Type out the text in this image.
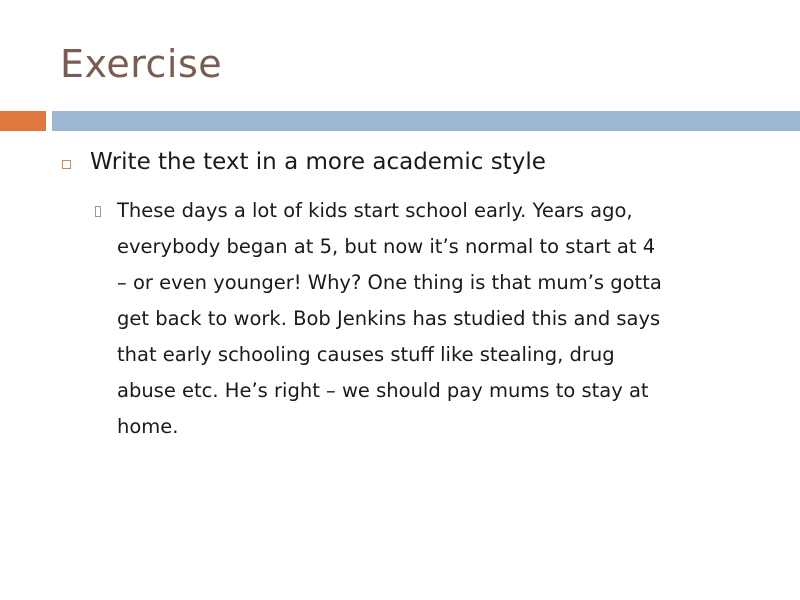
Exercise
Write the text in a more academic style
These days a lot of kids start school early. Years ago,
everybody began at 5, but now it’s normal to start at 4
– or even younger! Why? One thing is that mum’s gotta
get back to work. Bob Jenkins has studied this and says
that early schooling causes stuff like stealing, drug
abuse etc. He’s right – we should pay mums to stay at
home.
